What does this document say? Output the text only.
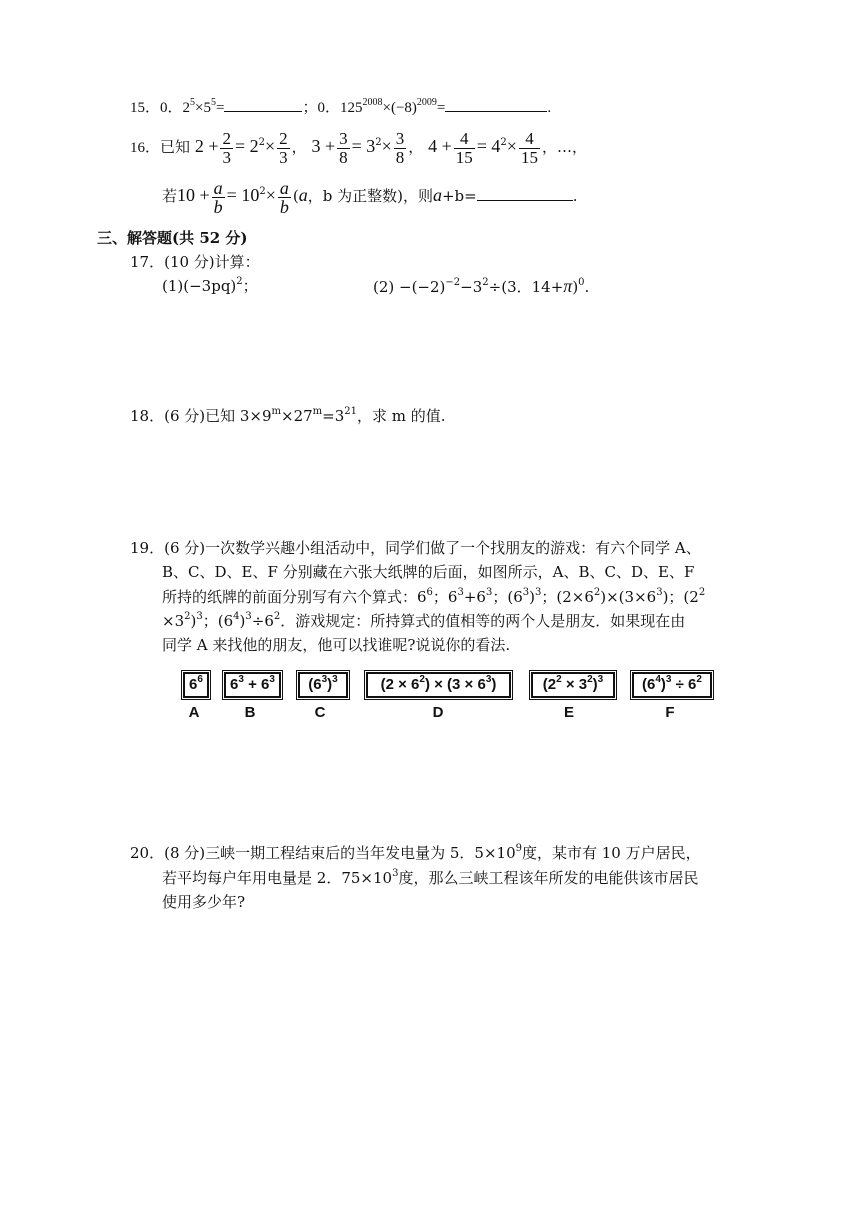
15．0．$2^5\times 5^5=$	；0．$125^{2008}\times(-8)^{2009}=$	.
16．已知 $2 + \frac{2}{3} = 2^2\times \frac{2}{3}$ ， $3 + \frac{3}{8} = 3^2\times \frac{3}{8}$ ， $4 + \frac{4}{15} = 4^2\times \frac{4}{15}$ ，…，
若$10 + \frac{a}{b} = 10^2\times \frac{a}{b} (a$，b 为正整数)，则a+b=	.
三、解答题(共 52 分)
17．(10 分)计算：
$(1)(-3pq)^2$；	$(2) -(-2)^{-2}-3^2\div(3$．14+π)$^0$.
18．(6 分)已知 $3\times 9^m\times 27^m=3^{21}$，求 m 的值.
19．(6 分)一次数学兴趣小组活动中，同学们做了一个找朋友的游戏：有六个同学 A、
B、C、D、E、F 分别藏在六张大纸牌的后面，如图所示，A、B、C、D、E、F
所持的纸牌的前面分别写有六个算式：$6^6$；$6^3+6^3$；$(6^3)^3$；$(2\times 6^2)\times(3\times 6^3)$；($2^2$
$\times 3^2)^3$；$(6^4)^3\div 6^2$．游戏规定：所持算式的值相等的两个人是朋友．如果现在由
同学 A 来找他的朋友，他可以找谁呢?说说你的看法.
$6^6$	$6^3 + 6^3$	$(6^3)^3$	$(2 \times 6^2) \times (3 \times 6^3)$	$(2^2 \times 3^2)^3$	$(6^4)^3 \div 6^2$
A	B	C	D	E	F
20．(8 分)三峡一期工程结束后的当年发电量为 5．$5\times 10^9$度，某市有 10 万户居民，
若平均每户年用电量是 2．$75\times 10^3$度，那么三峡工程该年所发的电能供该市居民
使用多少年?
